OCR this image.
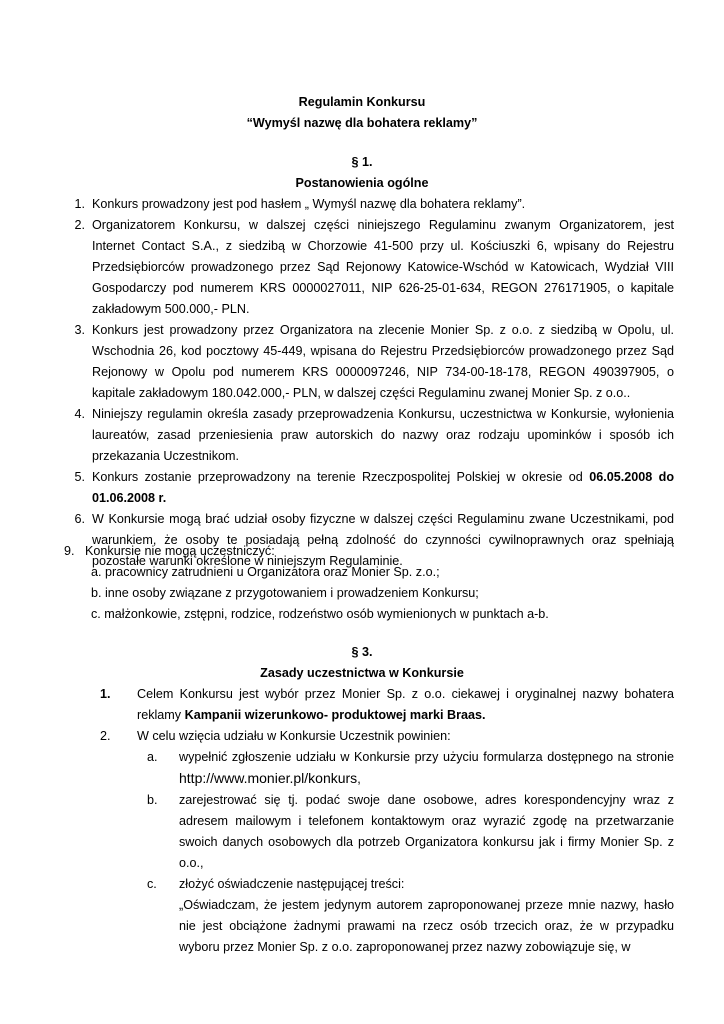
Regulamin Konkursu

“Wymyśl nazwę dla bohatera reklamy”

§ 1.

Postanowienia ogólne

1. Konkurs prowadzony jest pod hasłem „ Wymyśl nazwę dla bohatera reklamy”.
2. Organizatorem Konkursu, w dalszej części niniejszego Regulaminu zwanym Organizatorem, jest Internet Contact S.A., z siedzibą w Chorzowie 41-500 przy ul. Kościuszki 6, wpisany do Rejestru Przedsiębiorców prowadzonego przez Sąd Rejonowy Katowice-Wschód w Katowicach, Wydział VIII Gospodarczy pod numerem KRS 0000027011, NIP 626-25-01-634, REGON 276171905, o kapitale zakładowym 500.000,- PLN.
3. Konkurs jest prowadzony przez Organizatora na zlecenie Monier Sp. z o.o. z siedzibą w Opolu, ul. Wschodnia 26, kod pocztowy 45-449, wpisana do Rejestru Przedsiębiorców prowadzonego przez Sąd Rejonowy w Opolu pod numerem KRS 0000097246, NIP 734-00-18-178, REGON 490397905, o kapitale zakładowym 180.042.000,- PLN, w dalszej części Regulaminu zwanej Monier Sp. z o.o..
4. Niniejszy regulamin określa zasady przeprowadzenia Konkursu, uczestnictwa w Konkursie, wyłonienia laureatów, zasad przeniesienia praw autorskich do nazwy oraz rodzaju upominków i sposób ich przekazania Uczestnikom.
5. Konkurs zostanie przeprowadzony na terenie Rzeczpospolitej Polskiej w okresie od 06.05.2008 do 01.06.2008 r.
6. W Konkursie mogą brać udział osoby fizyczne w dalszej części Regulaminu zwane Uczestnikami, pod warunkiem, że osoby te posiadają pełną zdolność do czynności cywilnoprawnych oraz spełniają pozostałe warunki określone w niniejszym Regulaminie.
9. Konkursie nie mogą uczestniczyć:
a. pracownicy zatrudnieni u Organizatora oraz Monier Sp. z.o.;
b. inne osoby związane z przygotowaniem i prowadzeniem Konkursu;
c. małżonkowie, zstępni, rodzice, rodzeństwo osób wymienionych w punktach a-b.

§ 3.

Zasady uczestnictwa w Konkursie

1. Celem Konkursu jest wybór przez Monier Sp. z o.o. ciekawej i oryginalnej nazwy bohatera reklamy Kampanii wizerunkowo- produktowej marki Braas.
2. W celu wzięcia udziału w Konkursie Uczestnik powinien:
a. wypełnić zgłoszenie udziału w Konkursie przy użyciu formularza dostępnego na stronie http://www.monier.pl/konkurs,
b. zarejestrować się tj. podać swoje dane osobowe, adres korespondencyjny wraz z adresem mailowym i telefonem kontaktowym oraz wyrazić zgodę na przetwarzanie swoich danych osobowych dla potrzeb Organizatora konkursu jak i firmy Monier Sp. z o.o.,
c. złożyć oświadczenie następującej treści:
„Oświadczam, że jestem jedynym autorem zaproponowanej przeze mnie nazwy, hasło nie jest obciążone żadnymi prawami na rzecz osób trzecich oraz, że w przypadku wyboru przez Monier Sp. z o.o. zaproponowanej przez nazwy zobowiązuje się, w
